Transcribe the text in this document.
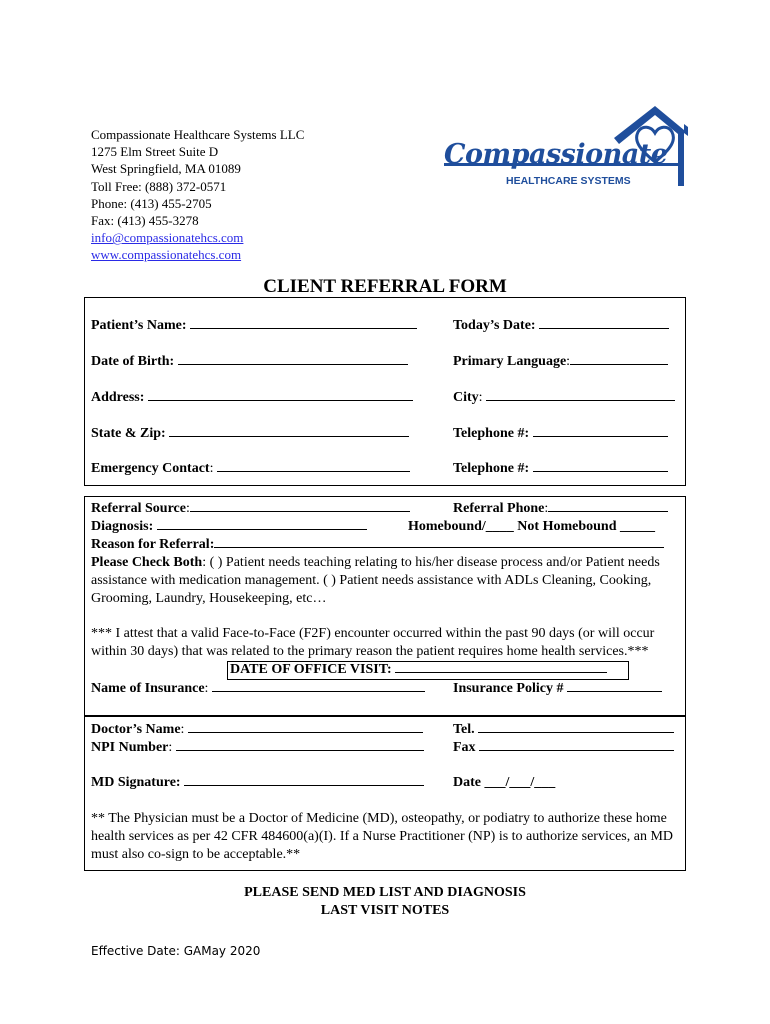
Compassionate Healthcare Systems LLC
1275 Elm Street Suite D
West Springfield, MA 01089
Toll Free: (888) 372-0571
Phone: (413) 455-2705
Fax: (413) 455-3278
info@compassionatehcs.com
www.compassionatehcs.com
Compassionate
HEALTHCARE SYSTEMS
CLIENT REFERRAL FORM
Patient’s Name:	Today’s Date:
Date of Birth:	Primary Language:
Address:	City:
State & Zip:	Telephone #:
Emergency Contact:	Telephone #:
Referral Source:	Referral Phone:
Diagnosis:	Homebound/____ Not Homebound _____
Reason for Referral:
Please Check Both: ( ) Patient needs teaching relating to his/her disease process and/or Patient needs assistance with medication management. ( ) Patient needs assistance with ADLs Cleaning, Cooking, Grooming, Laundry, Housekeeping, etc…
*** I attest that a valid Face-to-Face (F2F) encounter occurred within the past 90 days (or will occur within 30 days) that was related to the primary reason the patient requires home health services.***
DATE OF OFFICE VISIT:
Name of Insurance:	Insurance Policy #
Doctor’s Name:	Tel.
NPI Number:	Fax
MD Signature:	Date ___/___/___
** The Physician must be a Doctor of Medicine (MD), osteopathy, or podiatry to authorize these home health services as per 42 CFR 484600(a)(I). If a Nurse Practitioner (NP) is to authorize services, an MD must also co-sign to be acceptable.**
PLEASE SEND MED LIST AND DIAGNOSIS
LAST VISIT NOTES
Effective Date: GAMay 2020
